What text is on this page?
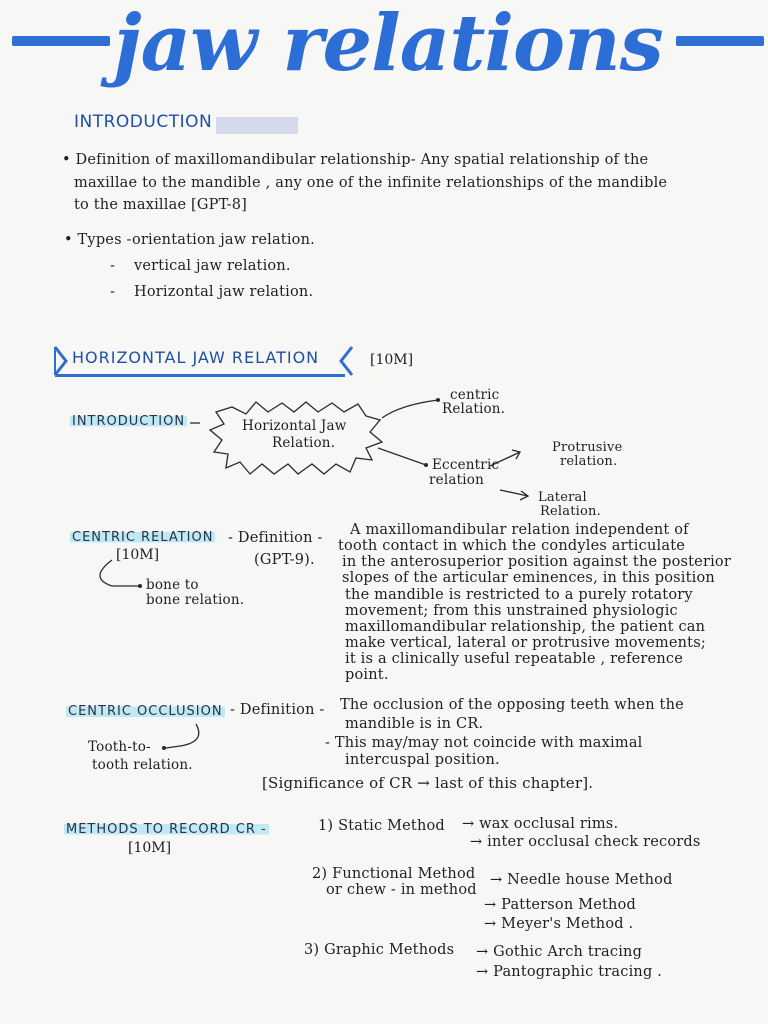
jaw relations
INTRODUCTION
• Definition of maxillomandibular relationship- Any spatial relationship of the
maxillae to the mandible , any one of the infinite relationships of the mandible
to the maxillae [GPT-8]
• Types - orientation jaw relation.
- vertical jaw relation.
- Horizontal jaw relation.
HORIZONTAL JAW RELATION	[10M]
INTRODUCTION	Horizontal Jaw
Relation.
centric
Relation.
Eccentric
relation
Protrusive
relation.
Lateral
Relation.
CENTRIC RELATION - Definition -
[10M]	(GPT-9).
bone to
bone relation.
A maxillomandibular relation independent of
tooth contact in which the condyles articulate
in the anterosuperior position against the posterior
slopes of the articular eminences, in this position
the mandible is restricted to a purely rotatory
movement; from this unstrained physiologic
maxillomandibular relationship, the patient can
make vertical, lateral or protrusive movements;
it is a clinically useful repeatable , reference
point.
CENTRIC OCCLUSION - Definition - The occlusion of the opposing teeth when the
mandible is in CR.
- This may/may not coincide with maximal
intercuspal position.
Tooth-to-
tooth relation.
[Significance of CR → last of this chapter].
METHODS TO RECORD CR -
[10M]
1) Static Method → wax occlusal rims.
→ inter occlusal check records
2) Functional Method
or chew - in method
→ Needle house Method
→ Patterson Method
→ Meyer's Method .
3) Graphic Methods → Gothic Arch tracing
→ Pantographic tracing .
